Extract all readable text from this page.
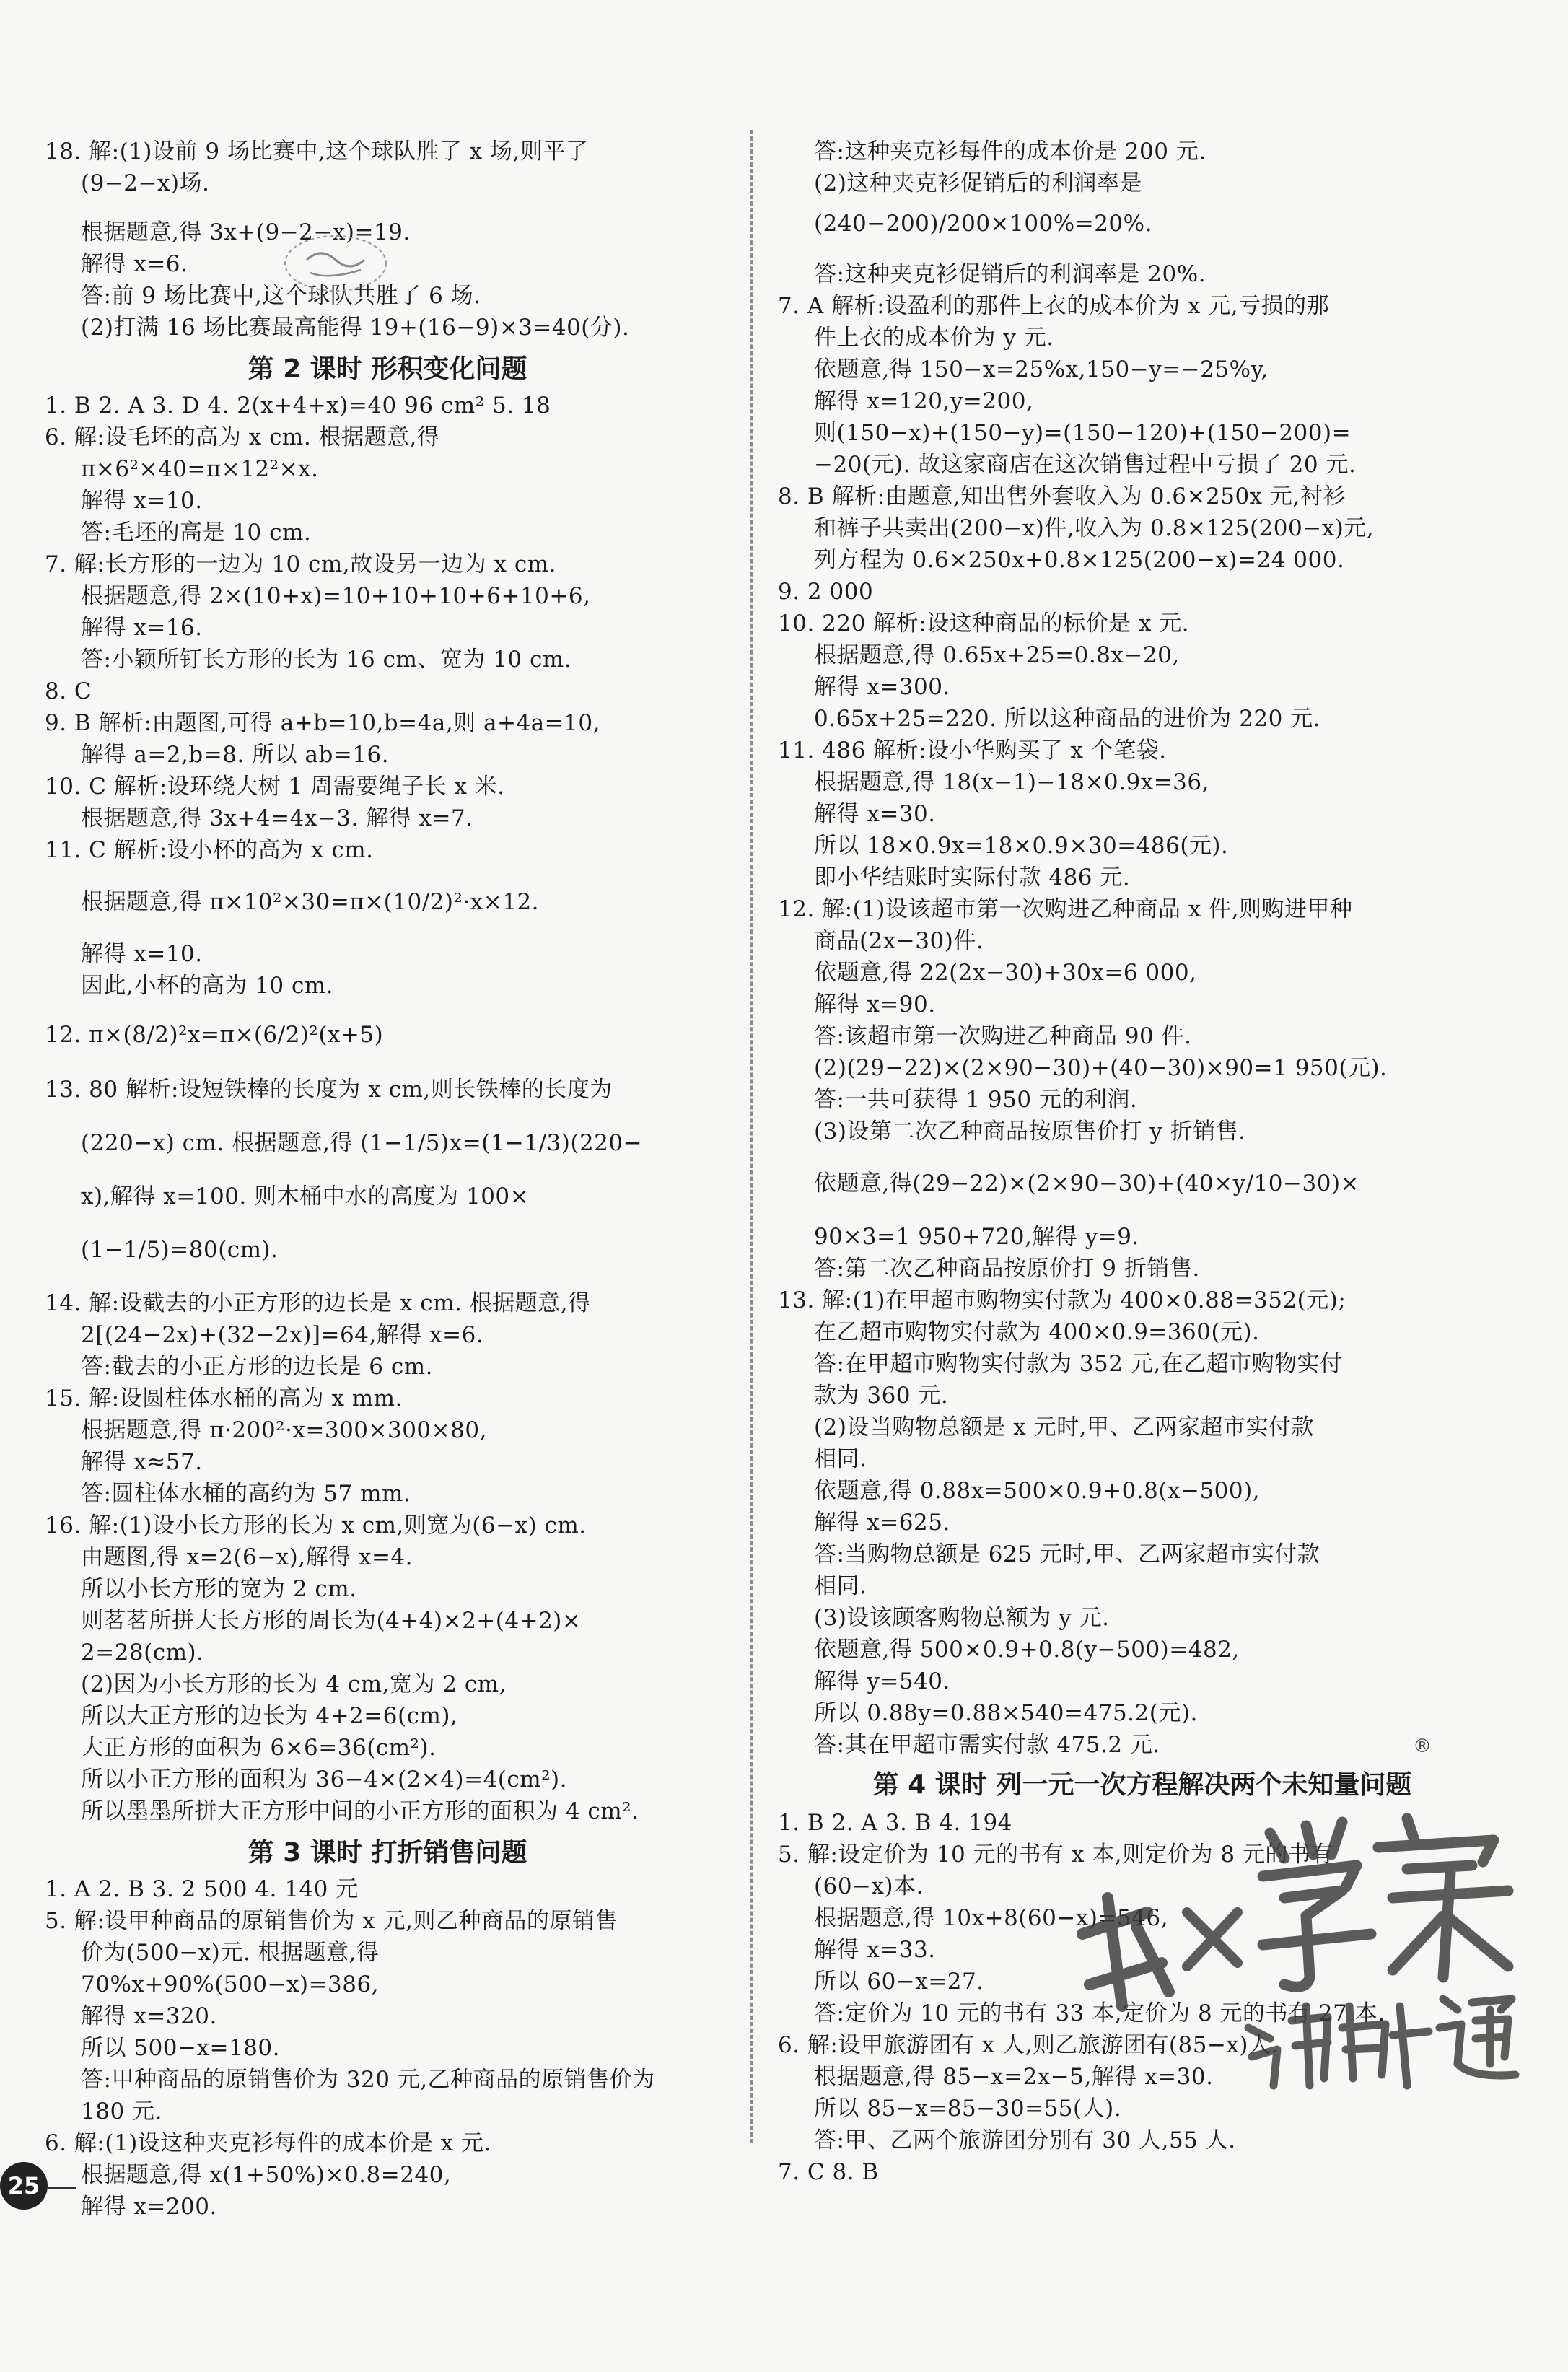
18. 解:(1)设前 9 场比赛中,这个球队胜了 x 场,则平了
(9−2−x)场.
根据题意,得 3x+(9−2−x)=19.
解得 x=6.
答:前 9 场比赛中,这个球队共胜了 6 场.
(2)打满 16 场比赛最高能得 19+(16−9)×3=40(分).
1. B 2. A 3. D 4. 2(x+4+x)=40 96 cm² 5. 18
6. 解:设毛坯的高为 x cm. 根据题意,得
π×6²×40=π×12²×x.
解得 x=10.
答:毛坯的高是 10 cm.
7. 解:长方形的一边为 10 cm,故设另一边为 x cm.
根据题意,得 2×(10+x)=10+10+10+6+10+6,
解得 x=16.
答:小颖所钉长方形的长为 16 cm、宽为 10 cm.
8. C
9. B 解析:由题图,可得 a+b=10,b=4a,则 a+4a=10,
解得 a=2,b=8. 所以 ab=16.
10. C 解析:设环绕大树 1 周需要绳子长 x 米.
根据题意,得 3x+4=4x−3. 解得 x=7.
11. C 解析:设小杯的高为 x cm.
根据题意,得 π×10²×30=π×(10/2)²·x×12.
解得 x=10.
因此,小杯的高为 10 cm.
12. π×(8/2)²x=π×(6/2)²(x+5)
13. 80 解析:设短铁棒的长度为 x cm,则长铁棒的长度为
(220−x) cm. 根据题意,得 (1−1/5)x=(1−1/3)(220−
x),解得 x=100. 则木桶中水的高度为 100×
(1−1/5)=80(cm).
14. 解:设截去的小正方形的边长是 x cm. 根据题意,得
2[(24−2x)+(32−2x)]=64,解得 x=6.
答:截去的小正方形的边长是 6 cm.
15. 解:设圆柱体水桶的高为 x mm.
根据题意,得 π·200²·x=300×300×80,
解得 x≈57.
答:圆柱体水桶的高约为 57 mm.
16. 解:(1)设小长方形的长为 x cm,则宽为(6−x) cm.
由题图,得 x=2(6−x),解得 x=4.
所以小长方形的宽为 2 cm.
则茗茗所拼大长方形的周长为(4+4)×2+(4+2)×
2=28(cm).
(2)因为小长方形的长为 4 cm,宽为 2 cm,
所以大正方形的边长为 4+2=6(cm),
大正方形的面积为 6×6=36(cm²).
所以小正方形的面积为 36−4×(2×4)=4(cm²).
所以墨墨所拼大正方形中间的小正方形的面积为 4 cm².
1. A 2. B 3. 2 500 4. 140 元
5. 解:设甲种商品的原销售价为 x 元,则乙种商品的原销售
价为(500−x)元. 根据题意,得
70%x+90%(500−x)=386,
解得 x=320.
所以 500−x=180.
答:甲种商品的原销售价为 320 元,乙种商品的原销售价为
180 元.
6. 解:(1)设这种夹克衫每件的成本价是 x 元.
根据题意,得 x(1+50%)×0.8=240,
解得 x=200.
第 2 课时 形积变化问题
第 3 课时 打折销售问题
答:这种夹克衫每件的成本价是 200 元.
(2)这种夹克衫促销后的利润率是
(240−200)/200×100%=20%.
答:这种夹克衫促销后的利润率是 20%.
7. A 解析:设盈利的那件上衣的成本价为 x 元,亏损的那
件上衣的成本价为 y 元.
依题意,得 150−x=25%x,150−y=−25%y,
解得 x=120,y=200,
则(150−x)+(150−y)=(150−120)+(150−200)=
−20(元). 故这家商店在这次销售过程中亏损了 20 元.
8. B 解析:由题意,知出售外套收入为 0.6×250x 元,衬衫
和裤子共卖出(200−x)件,收入为 0.8×125(200−x)元,
列方程为 0.6×250x+0.8×125(200−x)=24 000.
9. 2 000
10. 220 解析:设这种商品的标价是 x 元.
根据题意,得 0.65x+25=0.8x−20,
解得 x=300.
0.65x+25=220. 所以这种商品的进价为 220 元.
11. 486 解析:设小华购买了 x 个笔袋.
根据题意,得 18(x−1)−18×0.9x=36,
解得 x=30.
所以 18×0.9x=18×0.9×30=486(元).
即小华结账时实际付款 486 元.
12. 解:(1)设该超市第一次购进乙种商品 x 件,则购进甲种
商品(2x−30)件.
依题意,得 22(2x−30)+30x=6 000,
解得 x=90.
答:该超市第一次购进乙种商品 90 件.
(2)(29−22)×(2×90−30)+(40−30)×90=1 950(元).
答:一共可获得 1 950 元的利润.
(3)设第二次乙种商品按原售价打 y 折销售.
依题意,得(29−22)×(2×90−30)+(40×y/10−30)×
90×3=1 950+720,解得 y=9.
答:第二次乙种商品按原价打 9 折销售.
13. 解:(1)在甲超市购物实付款为 400×0.88=352(元);
在乙超市购物实付款为 400×0.9=360(元).
答:在甲超市购物实付款为 352 元,在乙超市购物实付
款为 360 元.
(2)设当购物总额是 x 元时,甲、乙两家超市实付款
相同.
依题意,得 0.88x=500×0.9+0.8(x−500),
解得 x=625.
答:当购物总额是 625 元时,甲、乙两家超市实付款
相同.
(3)设该顾客购物总额为 y 元.
依题意,得 500×0.9+0.8(y−500)=482,
解得 y=540.
所以 0.88y=0.88×540=475.2(元).
答:其在甲超市需实付款 475.2 元.
1. B 2. A 3. B 4. 194
5. 解:设定价为 10 元的书有 x 本,则定价为 8 元的书有
(60−x)本.
根据题意,得 10x+8(60−x)=546,
解得 x=33.
所以 60−x=27.
答:定价为 10 元的书有 33 本,定价为 8 元的书有 27 本.
6. 解:设甲旅游团有 x 人,则乙旅游团有(85−x)人.
根据题意,得 85−x=2x−5,解得 x=30.
所以 85−x=85−30=55(人).
答:甲、乙两个旅游团分别有 30 人,55 人.
7. C 8. B
第 4 课时 列一元一次方程解决两个未知量问题
25
®
